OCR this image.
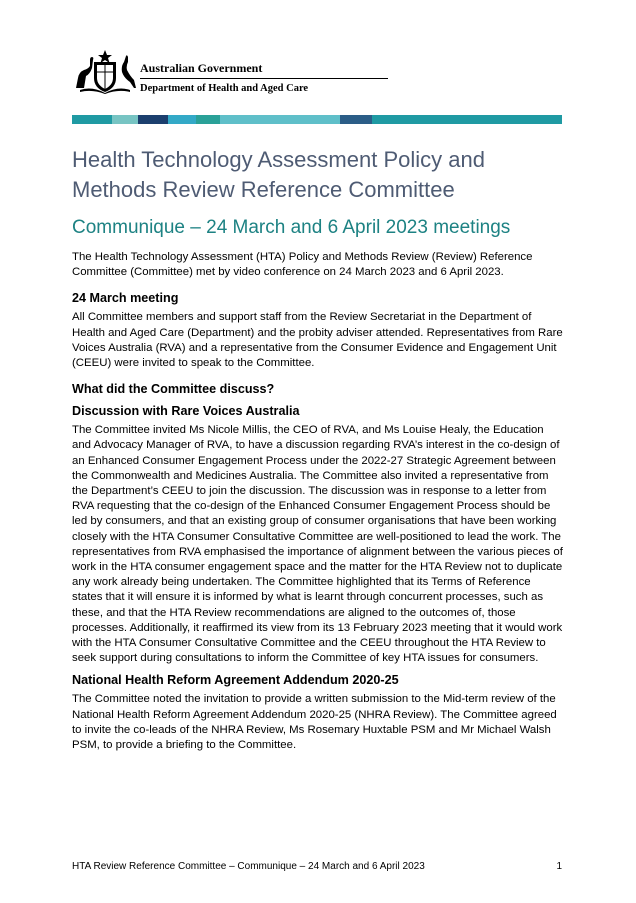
Australian Government
Department of Health and Aged Care
Health Technology Assessment Policy and
Methods Review Reference Committee
Communique – 24 March and 6 April 2023 meetings

The Health Technology Assessment (HTA) Policy and Methods Review (Review) Reference Committee (Committee) met by video conference on 24 March 2023 and 6 April 2023.

24 March meeting

All Committee members and support staff from the Review Secretariat in the Department of Health and Aged Care (Department) and the probity adviser attended. Representatives from Rare Voices Australia (RVA) and a representative from the Consumer Evidence and Engagement Unit (CEEU) were invited to speak to the Committee.

What did the Committee discuss?
Discussion with Rare Voices Australia

The Committee invited Ms Nicole Millis, the CEO of RVA, and Ms Louise Healy, the Education and Advocacy Manager of RVA, to have a discussion regarding RVA’s interest in the co-design of an Enhanced Consumer Engagement Process under the 2022-27 Strategic Agreement between the Commonwealth and Medicines Australia. The Committee also invited a representative from the Department’s CEEU to join the discussion. The discussion was in response to a letter from RVA requesting that the co-design of the Enhanced Consumer Engagement Process should be led by consumers, and that an existing group of consumer organisations that have been working closely with the HTA Consumer Consultative Committee are well-positioned to lead the work. The representatives from RVA emphasised the importance of alignment between the various pieces of work in the HTA consumer engagement space and the matter for the HTA Review not to duplicate any work already being undertaken. The Committee highlighted that its Terms of Reference states that it will ensure it is informed by what is learnt through concurrent processes, such as these, and that the HTA Review recommendations are aligned to the outcomes of, those processes. Additionally, it reaffirmed its view from its 13 February 2023 meeting that it would work with the HTA Consumer Consultative Committee and the CEEU throughout the HTA Review to seek support during consultations to inform the Committee of key HTA issues for consumers.

National Health Reform Agreement Addendum 2020-25

The Committee noted the invitation to provide a written submission to the Mid-term review of the National Health Reform Agreement Addendum 2020-25 (NHRA Review). The Committee agreed to invite the co-leads of the NHRA Review, Ms Rosemary Huxtable PSM and Mr Michael Walsh PSM, to provide a briefing to the Committee.

HTA Review Reference Committee – Communique – 24 March and 6 April 2023	1
